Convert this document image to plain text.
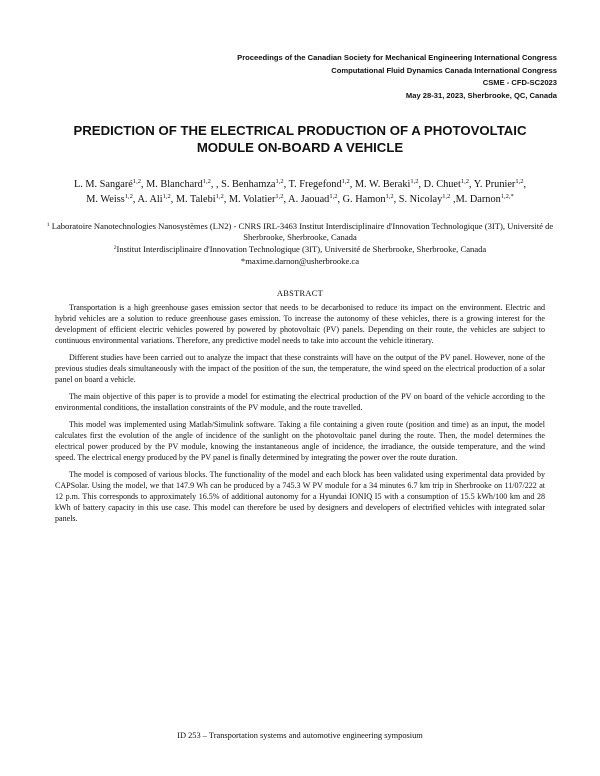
Proceedings of the Canadian Society for Mechanical Engineering International Congress
Computational Fluid Dynamics Canada International Congress
CSME - CFD-SC2023
May 28-31, 2023, Sherbrooke, QC, Canada
PREDICTION OF THE ELECTRICAL PRODUCTION OF A PHOTOVOLTAIC
MODULE ON-BOARD A VEHICLE
L. M. Sangaré$^{1,2}$, M. Blanchard$^{1,2}$, , S. Benhamza$^{1,2}$, T. Fregefond$^{1,2}$, M. W. Beraki$^{1,2}$, D. Chuet$^{1,2}$, Y. Prunier$^{1,2}$,
M. Weiss$^{1,2}$, A. Ali$^{1,2}$, M. Talebi$^{1,2}$, M. Volatier$^{1,2}$, A. Jaouad$^{1,2}$, G. Hamon$^{1,2}$, S. Nicolay$^{1,2}$ ,M. Darnon$^{1,2,*}$

$^1$ Laboratoire Nanotechnologies Nanosystèmes (LN2) - CNRS IRL-3463 Institut Interdisciplinaire d'Innovation Technologique (3IT), Université de Sherbrooke, Sherbrooke, Canada

$^2$Institut Interdisciplinaire d'Innovation Technologique (3IT), Université de Sherbrooke, Sherbrooke, Canada

*maxime.darnon@usherbrooke.ca

ABSTRACT

Transportation is a high greenhouse gases emission sector that needs to be decarbonised to reduce its impact on the environment. Electric and hybrid vehicles are a solution to reduce greenhouse gases emission. To increase the autonomy of these vehicles, there is a growing interest for the development of efficient electric vehicles powered by powered by photovoltaic (PV) panels. Depending on their route, the vehicles are subject to continuous environmental variations. Therefore, any predictive model needs to take into account the vehicle itinerary.

Different studies have been carried out to analyze the impact that these constraints will have on the output of the PV panel. However, none of the previous studies deals simultaneously with the impact of the position of the sun, the temperature, the wind speed on the electrical production of a solar panel on board a vehicle.

The main objective of this paper is to provide a model for estimating the electrical production of the PV on board of the vehicle according to the environmental conditions, the installation constraints of the PV module, and the route travelled.

This model was implemented using Matlab/Simulink software. Taking a file containing a given route (position and time) as an input, the model calculates first the evolution of the angle of incidence of the sunlight on the photovoltaic panel during the route. Then, the model determines the electrical power produced by the PV module, knowing the instantaneous angle of incidence, the irradiance, the outside temperature, and the wind speed. The electrical energy produced by the PV panel is finally determined by integrating the power over the route duration.

The model is composed of various blocks. The functionality of the model and each block has been validated using experimental data provided by CAPSolar. Using the model, we that 147.9 Wh can be produced by a 745.3 W PV module for a 34 minutes 6.7 km trip in Sherbrooke on 11/07/222 at 12 p.m. This corresponds to approximately 16.5% of additional autonomy for a Hyundai IONIQ I5 with a consumption of 15.5 kWh/100 km and 28 kWh of battery capacity in this use case. This model can therefore be used by designers and developers of electrified vehicles with integrated solar panels.

ID 253 – Transportation systems and automotive engineering symposium
